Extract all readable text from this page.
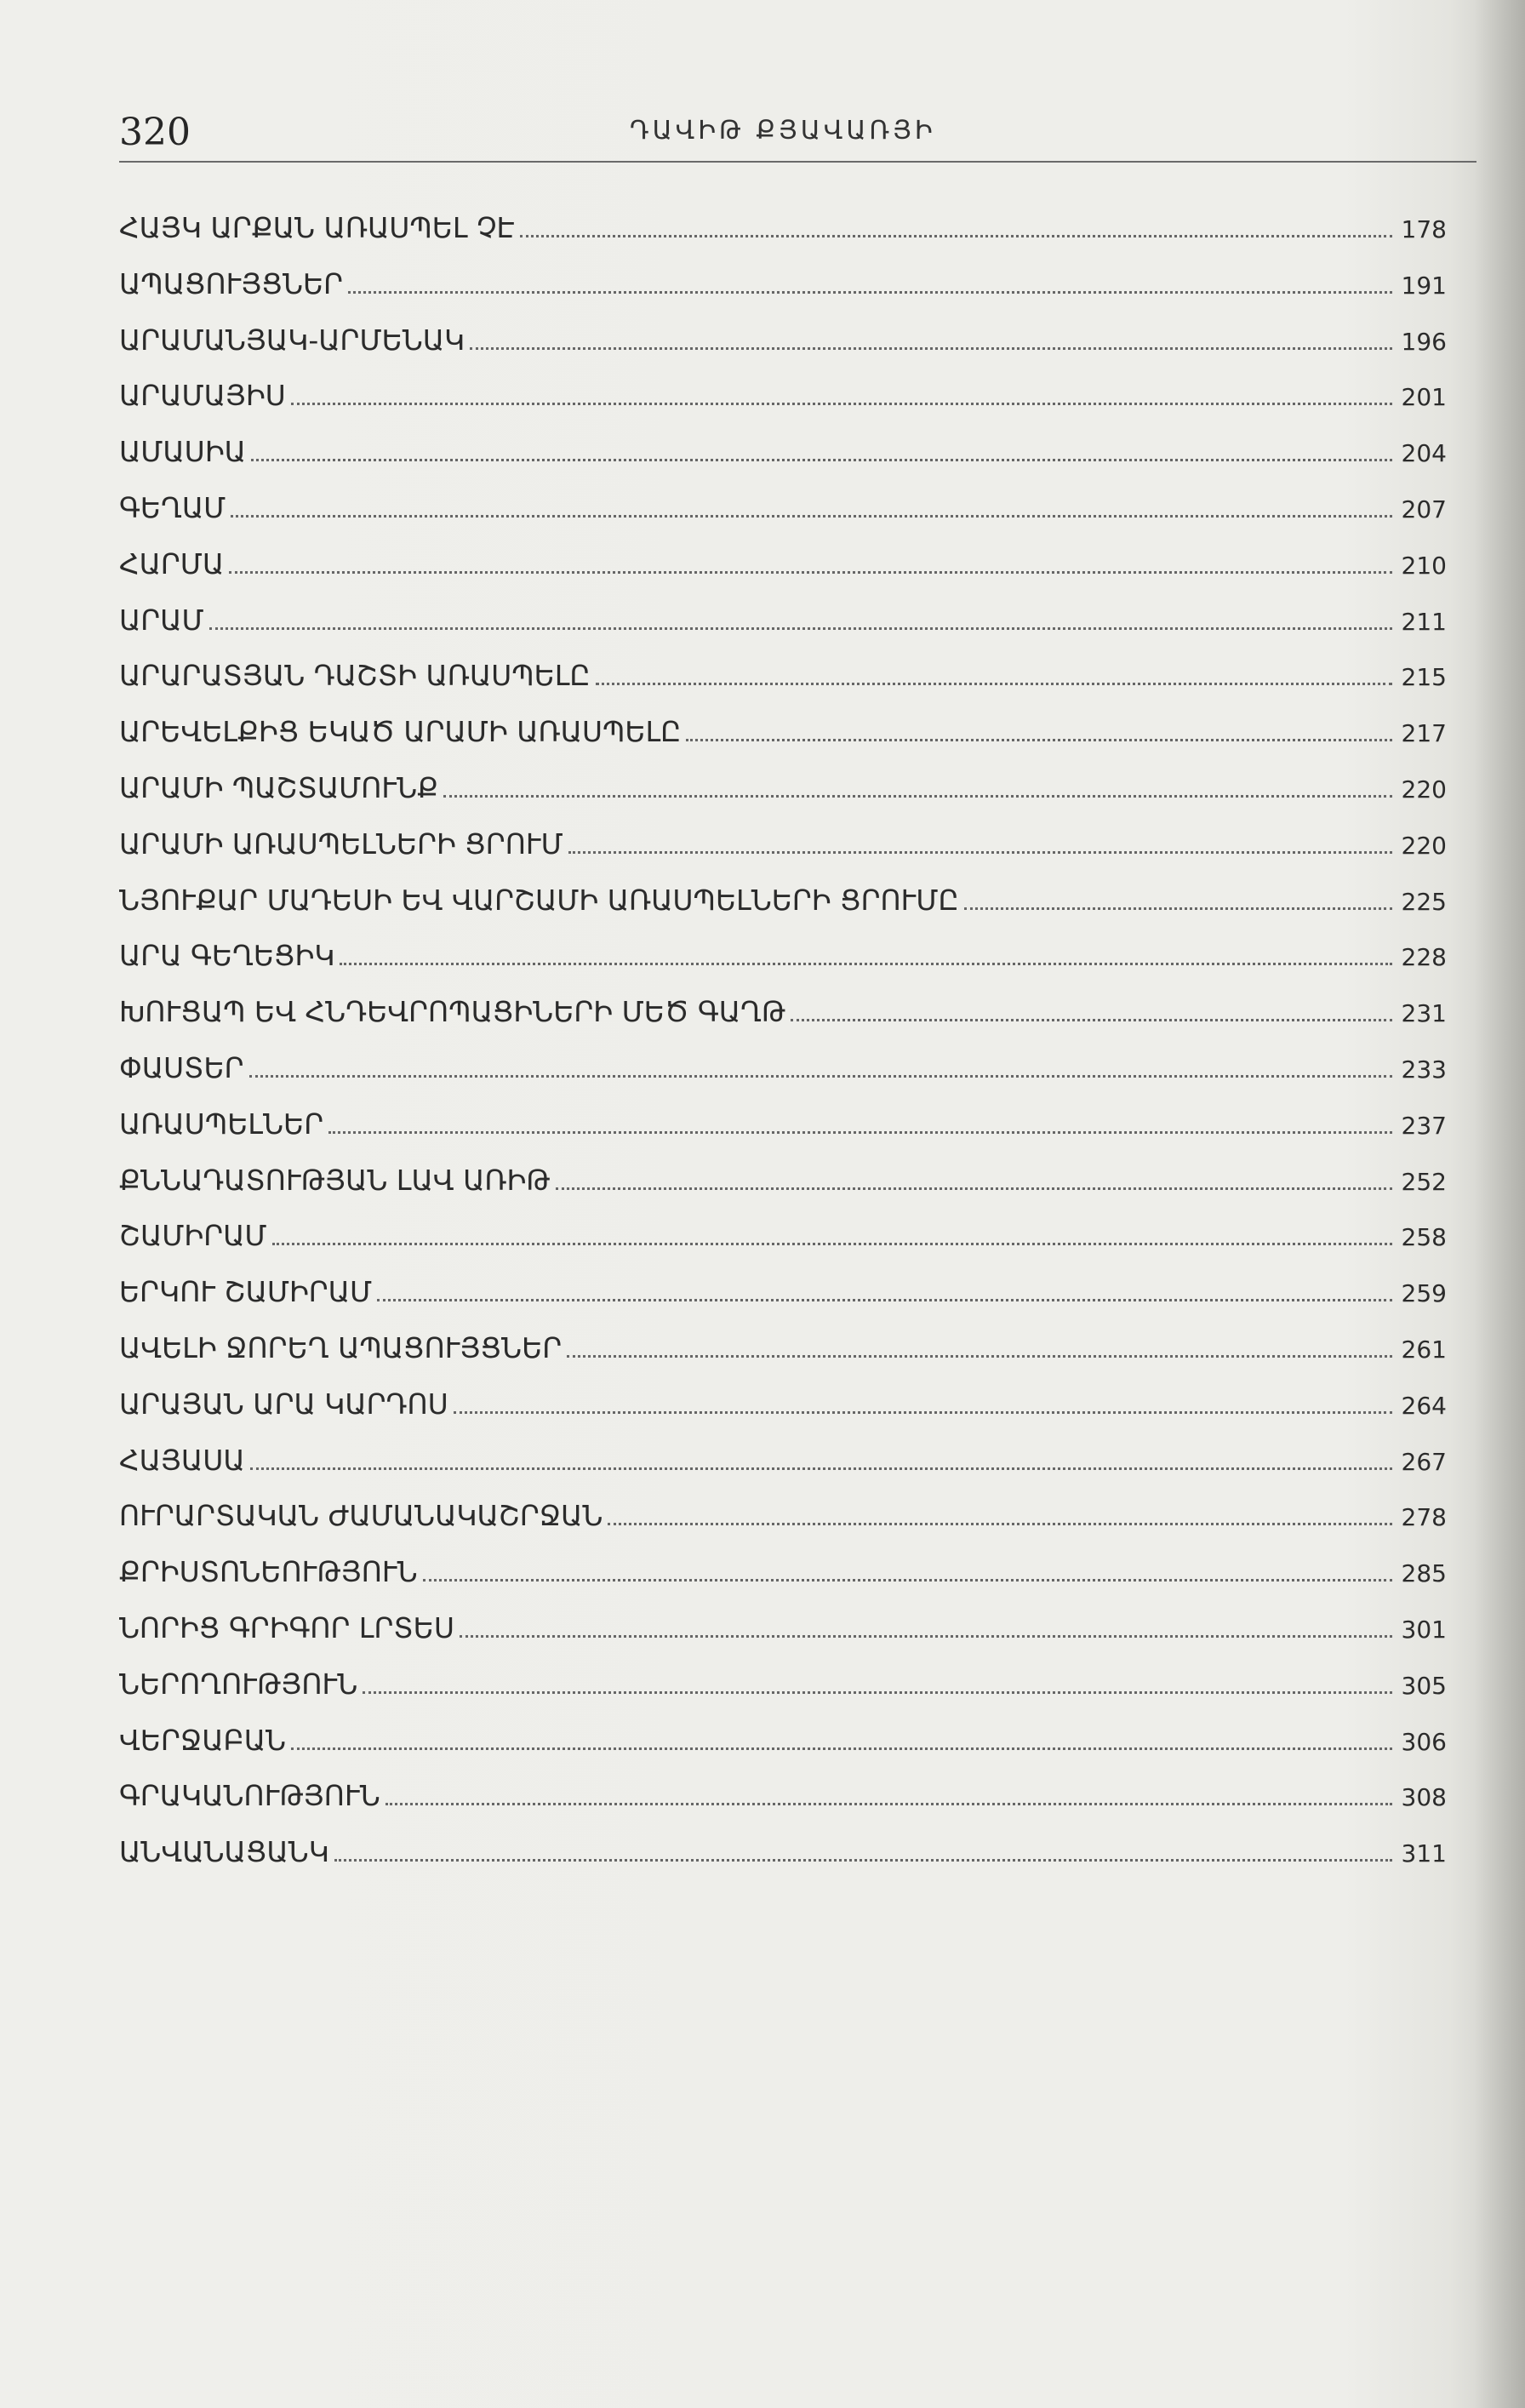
320	ԴԱՎԻԹ ՔՅԱՎԱՌՅԻ
ՀԱՅԿ ԱՐՔԱՆ ԱՌԱՍՊԵԼ ՉԷ	178
ԱՊԱՑՈՒՅՑՆԵՐ	191
ԱՐԱՄԱՆՅԱԿ-ԱՐՄԵՆԱԿ	196
ԱՐԱՄԱՅԻՍ	201
ԱՄԱՍԻԱ	204
ԳԵՂԱՄ	207
ՀԱՐՄԱ	210
ԱՐԱՄ	211
ԱՐԱՐԱՏՅԱՆ ԴԱՇՏԻ ԱՌԱՍՊԵԼԸ	215
ԱՐԵՎԵԼՔԻՑ ԵԿԱԾ ԱՐԱՄԻ ԱՌԱՍՊԵԼԸ	217
ԱՐԱՄԻ ՊԱՇՏԱՄՈՒՆՔ	220
ԱՐԱՄԻ ԱՌԱՍՊԵԼՆԵՐԻ ՑՐՈՒՄ	220
ՆՅՈՒՔԱՐ ՄԱԴԵՍԻ ԵՎ ՎԱՐՇԱՄԻ ԱՌԱՍՊԵԼՆԵՐԻ ՑՐՈՒՄԸ	225
ԱՐԱ ԳԵՂԵՑԻԿ	228
ԽՈՒՑԱՊ ԵՎ ՀՆԴԵՎՐՈՊԱՑԻՆԵՐԻ ՄԵԾ ԳԱՂԹ	231
ՓԱՍՏԵՐ	233
ԱՌԱՍՊԵԼՆԵՐ	237
ՔՆՆԱԴԱՏՈՒԹՅԱՆ ԼԱՎ ԱՌԻԹ	252
ՇԱՄԻՐԱՄ	258
ԵՐԿՈՒ ՇԱՄԻՐԱՄ	259
ԱՎԵԼԻ ՋՈՐԵՂ ԱՊԱՑՈՒՅՑՆԵՐ	261
ԱՐԱՅԱՆ ԱՐԱ ԿԱՐԴՈՍ	264
ՀԱՅԱՍԱ	267
ՈՒՐԱՐՏԱԿԱՆ ԺԱՄԱՆԱԿԱՇՐՋԱՆ	278
ՔՐԻՍՏՈՆԵՈՒԹՅՈՒՆ	285
ՆՈՐԻՑ ԳՐԻԳՈՐ ԼՐՏԵՍ	301
ՆԵՐՈՂՈՒԹՅՈՒՆ	305
ՎԵՐՋԱԲԱՆ	306
ԳՐԱԿԱՆՈՒԹՅՈՒՆ	308
ԱՆՎԱՆԱՑԱՆԿ	311
